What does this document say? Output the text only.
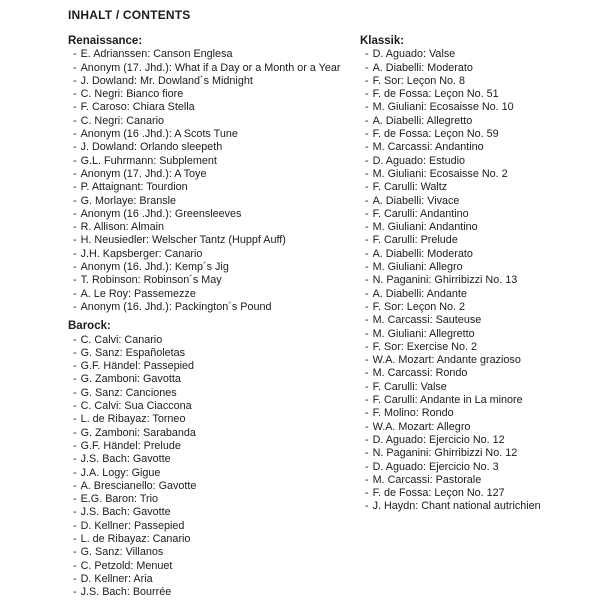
INHALT / CONTENTS
Renaissance:
- E. Adrianssen: Canson Englesa
- Anonym (17. Jhd.): What if a Day or a Month or a Year
- J. Dowland: Mr. Dowland´s Midnight
- C. Negri: Bianco fiore
- F. Caroso: Chiara Stella
- C. Negri: Canario
- Anonym (16 .Jhd.): A Scots Tune
- J. Dowland: Orlando sleepeth
- G.L. Fuhrmann: Subplement
- Anonym (17. Jhd.): A Toye
- P. Attaignant: Tourdion
- G. Morlaye: Bransle
- Anonym (16 .Jhd.): Greensleeves
- R. Allison: Almain
- H. Neusiedler: Welscher Tantz (Huppf Auff)
- J.H. Kapsberger: Canario
- Anonym (16. Jhd.): Kemp´s Jig
- T. Robinson: Robinson´s May
- A. Le Roy: Passemezze
- Anonym (16. Jhd.): Packington´s Pound
Barock:
- C. Calvi: Canario
- G. Sanz: Españoletas
- G.F. Händel: Passepied
- G. Zamboni: Gavotta
- G. Sanz: Canciones
- C. Calvi: Sua Ciaccona
- L. de Ribayaz: Torneo
- G. Zamboni: Sarabanda
- G.F. Händel: Prelude
- J.S. Bach: Gavotte
- J.A. Logy: Gigue
- A. Brescianello: Gavotte
- E.G. Baron: Trio
- J.S. Bach: Gavotte
- D. Kellner: Passepied
- L. de Ribayaz: Canario
- G. Sanz: Villanos
- C. Petzold: Menuet
- D. Kellner: Aria
- J.S. Bach: Bourrée
Klassik:
- D. Aguado: Valse
- A. Diabelli: Moderato
- F. Sor: Leçon No. 8
- F. de Fossa: Leçon No. 51
- M. Giuliani: Ecosaisse No. 10
- A. Diabelli: Allegretto
- F. de Fossa: Leçon No. 59
- M. Carcassi: Andantino
- D. Aguado: Estudio
- M. Giuliani: Ecosaisse No. 2
- F. Carulli: Waltz
- A. Diabelli: Vivace
- F. Carulli: Andantino
- M. Giuliani: Andantino
- F. Carulli: Prelude
- A. Diabelli: Moderato
- M. Giuliani: Allegro
- N. Paganini: Ghirribizzi No. 13
- A. Diabelli: Andante
- F. Sor: Leçon No. 2
- M. Carcassi: Sauteuse
- M. Giuliani: Allegretto
- F. Sor: Exercise No. 2
- W.A. Mozart: Andante grazioso
- M. Carcassi: Rondo
- F. Carulli: Valse
- F. Carulli: Andante in La minore
- F. Molino: Rondo
- W.A. Mozart: Allegro
- D. Aguado: Ejercicio No. 12
- N. Paganini: Ghirribizzi No. 12
- D. Aguado: Ejercicio No. 3
- M. Carcassi: Pastorale
- F. de Fossa: Leçon No. 127
- J. Haydn: Chant national autrichien
